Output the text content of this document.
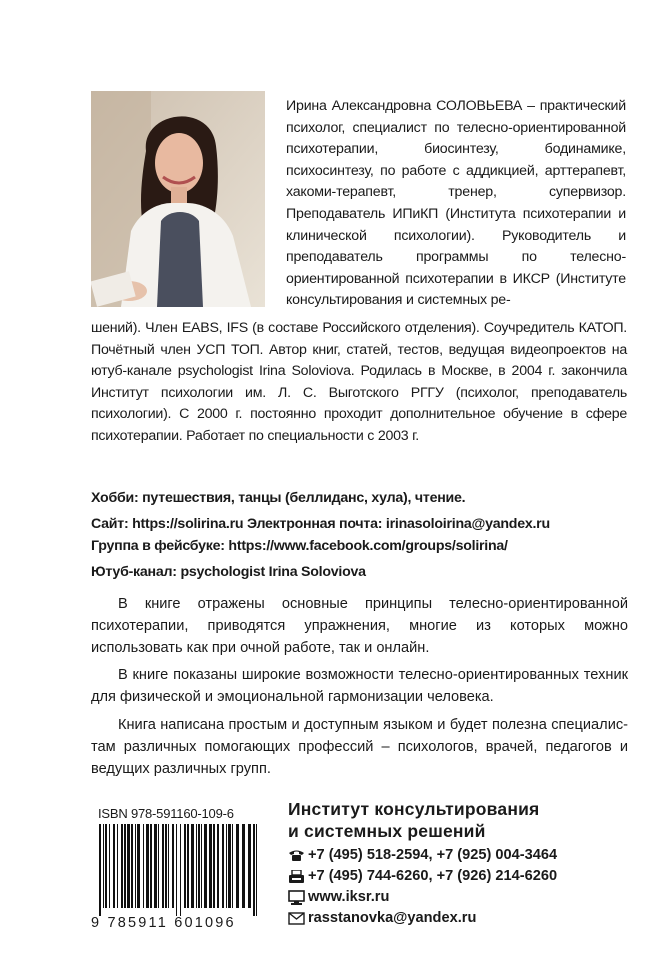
Ирина Александровна СОЛОВЬЕВА – практический психолог, специалист по телесно-ориентированной психотерапии, биосинтезу, бодинамике, психосинтезу, по работе с аддикцией, арттерапевт, хакоми-терапевт, тренер, супервизор. Преподаватель ИПиКП (Института психотерапии и клинической психологии). Руководитель и преподаватель программы по телесно-ориентированной психотерапии в ИКСР (Институте консультирования и системных ре-
шений). Член EABS, IFS (в составе Российского отделения). Соучредитель КАТОП. Почётный член УСП ТОП. Автор книг, статей, тестов, ведущая видеопроектов на ютуб-канале psychologist Irina Soloviova. Родилась в Москве, в 2004 г. закончила Институт психологии им. Л. С. Выготского РГГУ (психолог, преподаватель психологии). С 2000 г. постоянно проходит дополнительное обучение в сфере психотерапии. Работает по специальности с 2003 г.
Хобби: путешествия, танцы (беллиданс, хула), чтение.
Сайт: https://solirina.ru Электронная почта: irinasoloirina@yandex.ru
Группа в фейсбуке: https://www.facebook.com/groups/solirina/
Ютуб-канал: psychologist Irina Soloviova

В книге отражены основные принципы телесно-ориентированной психотерапии, приводятся упражнения, многие из которых можно использовать как при очной работе, так и онлайн.

В книге показаны широкие возможности телесно-ориентированных техник для физической и эмоциональной гармонизации человека.

Книга написана простым и доступным языком и будет полезна специалис-там различных помогающих профессий – психологов, врачей, педагогов и ведущих различных групп.

ISBN 978-591160-109-6
9 785911 601096
Институт консультирования
и системных решений
+7 (495) 518-2594, +7 (925) 004-3464
+7 (495) 744-6260, +7 (926) 214-6260
www.iksr.ru
rasstanovka@yandex.ru
